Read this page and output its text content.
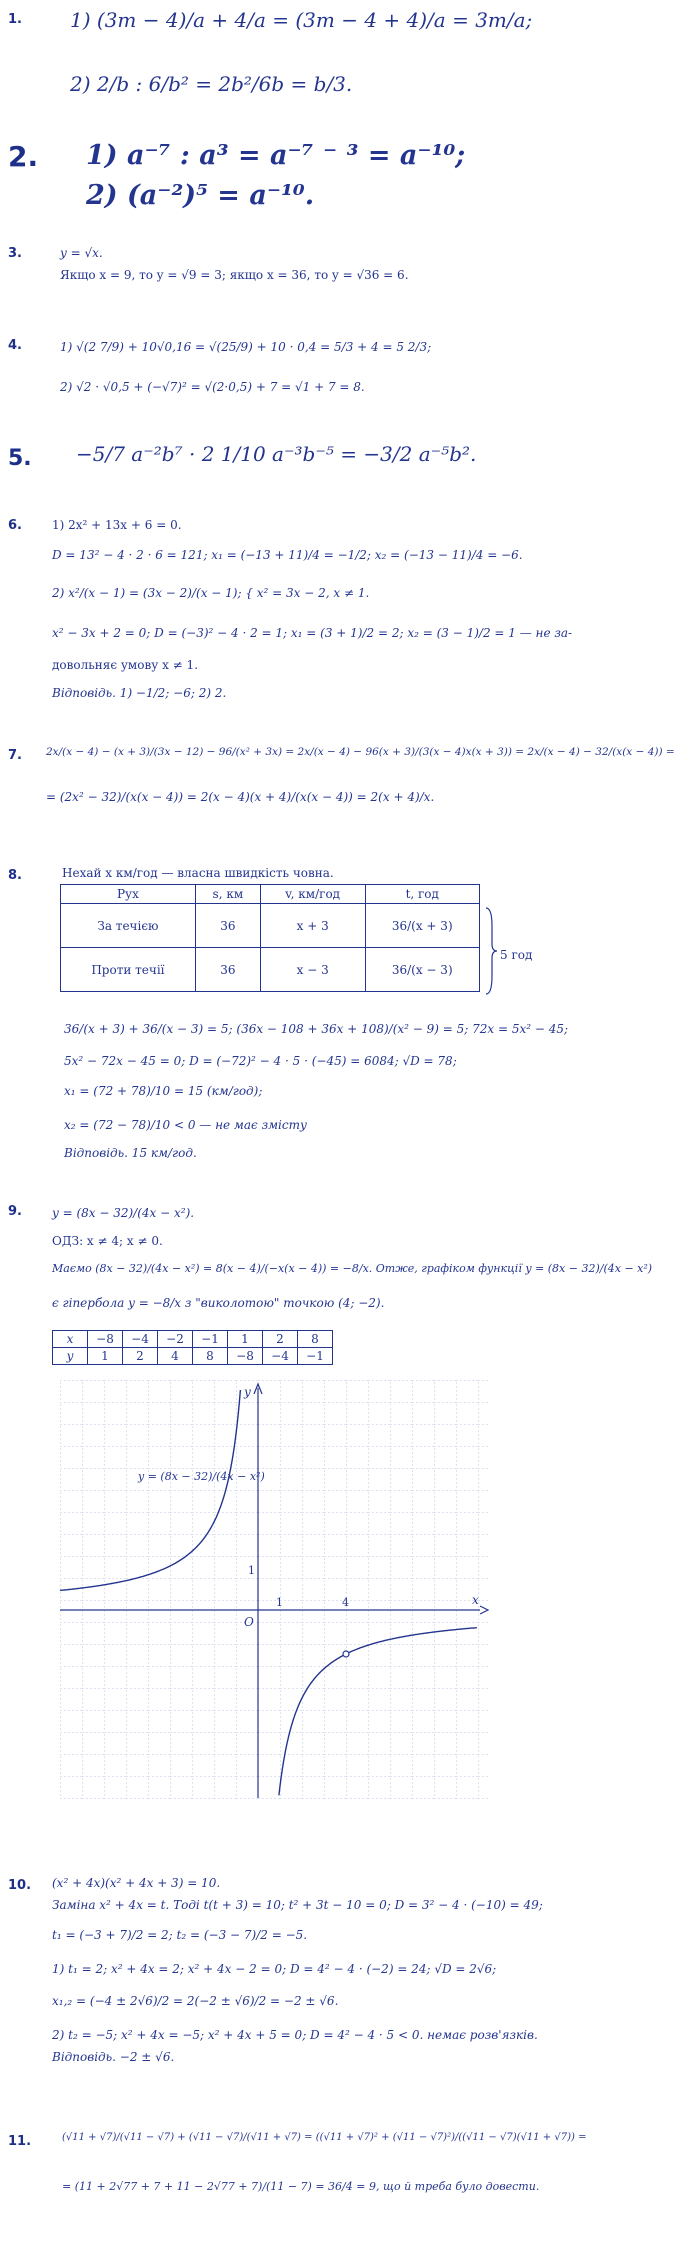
1. 1) (3m − 4)/a + 4/a = (3m − 4 + 4)/a = 3m/a;
2) 2/b : 6/b² = 2b²/6b = b/3.
2. 1) a⁻⁷ : a³ = a⁻⁷ ⁻ ³ = a⁻¹⁰;
2) (a⁻²)⁵ = a⁻¹⁰.
3.	y = √x.
Якщо x = 9, то y = √9 = 3; якщо x = 36, то y = √36 = 6.
4.	1) √(2 7/9) + 10√0,16 = √(25/9) + 10 · 0,4 = 5/3 + 4 = 5 2/3;
2) √2 · √0,5 + (−√7)² = √(2·0,5) + 7 = √1 + 7 = 8.
5. −5/7 a⁻²b⁷ · 2 1/10 a⁻³b⁻⁵ = −3/2 a⁻⁵b².
6.	1) 2x² + 13x + 6 = 0.
D = 13² − 4 · 2 · 6 = 121; x₁ = (−13 + 11)/4 = −1/2; x₂ = (−13 − 11)/4 = −6.
2) x²/(x − 1) = (3x − 2)/(x − 1); { x² = 3x − 2, x ≠ 1.
x² − 3x + 2 = 0; D = (−3)² − 4 · 2 = 1; x₁ = (3 + 1)/2 = 2; x₂ = (3 − 1)/2 = 1 — не за-
довольняє умову x ≠ 1.
Відповідь. 1) −1/2; −6; 2) 2.
7. 2x/(x − 4) − (x + 3)/(3x − 12) − 96/(x² + 3x) = 2x/(x − 4) − 96(x + 3)/(3(x − 4)x(x + 3)) = 2x/(x − 4) − 32/(x(x − 4)) =
= (2x² − 32)/(x(x − 4)) = 2(x − 4)(x + 4)/(x(x − 4)) = 2(x + 4)/x.
8.	Нехай x км/год — власна швидкість човна.
Рух	s, км	v, км/год	t, год
За течією	36	x + 3	36/(x + 3)
Проти течії	36	x − 3	36/(x − 3)
5 год
36/(x + 3) + 36/(x − 3) = 5; (36x − 108 + 36x + 108)/(x² − 9) = 5; 72x = 5x² − 45;
5x² − 72x − 45 = 0; D = (−72)² − 4 · 5 · (−45) = 6084; √D = 78;
x₁ = (72 + 78)/10 = 15 (км/год);
x₂ = (72 − 78)/10 < 0 — не має змісту
Відповідь. 15 км/год.
9.	y = (8x − 32)/(4x − x²).
ОДЗ: x ≠ 4; x ≠ 0.
Маємо (8x − 32)/(4x − x²) = 8(x − 4)/(−x(x − 4)) = −8/x. Отже, графіком функції y = (8x − 32)/(4x − x²)
є гіпербола y = −8/x з "виколотою" точкою (4; −2).
x	−8	−4	−2	−1	1	2	8
y	1	2	4	8	−8	−4	−1
x
y
O
1
1
4
y = (8x − 32)/(4x − x²)
10. (x² + 4x)(x² + 4x + 3) = 10.
Заміна x² + 4x = t. Тоді t(t + 3) = 10; t² + 3t − 10 = 0; D = 3² − 4 · (−10) = 49;
t₁ = (−3 + 7)/2 = 2; t₂ = (−3 − 7)/2 = −5.
1) t₁ = 2; x² + 4x = 2; x² + 4x − 2 = 0; D = 4² − 4 · (−2) = 24; √D = 2√6;
x₁,₂ = (−4 ± 2√6)/2 = 2(−2 ± √6)/2 = −2 ± √6.
2) t₂ = −5; x² + 4x = −5; x² + 4x + 5 = 0; D = 4² − 4 · 5 < 0. немає розв'язків.
Відповідь. −2 ± √6.
11.	(√11 + √7)/(√11 − √7) + (√11 − √7)/(√11 + √7) = ((√11 + √7)² + (√11 − √7)²)/((√11 − √7)(√11 + √7)) =
= (11 + 2√77 + 7 + 11 − 2√77 + 7)/(11 − 7) = 36/4 = 9, що й треба було довести.
